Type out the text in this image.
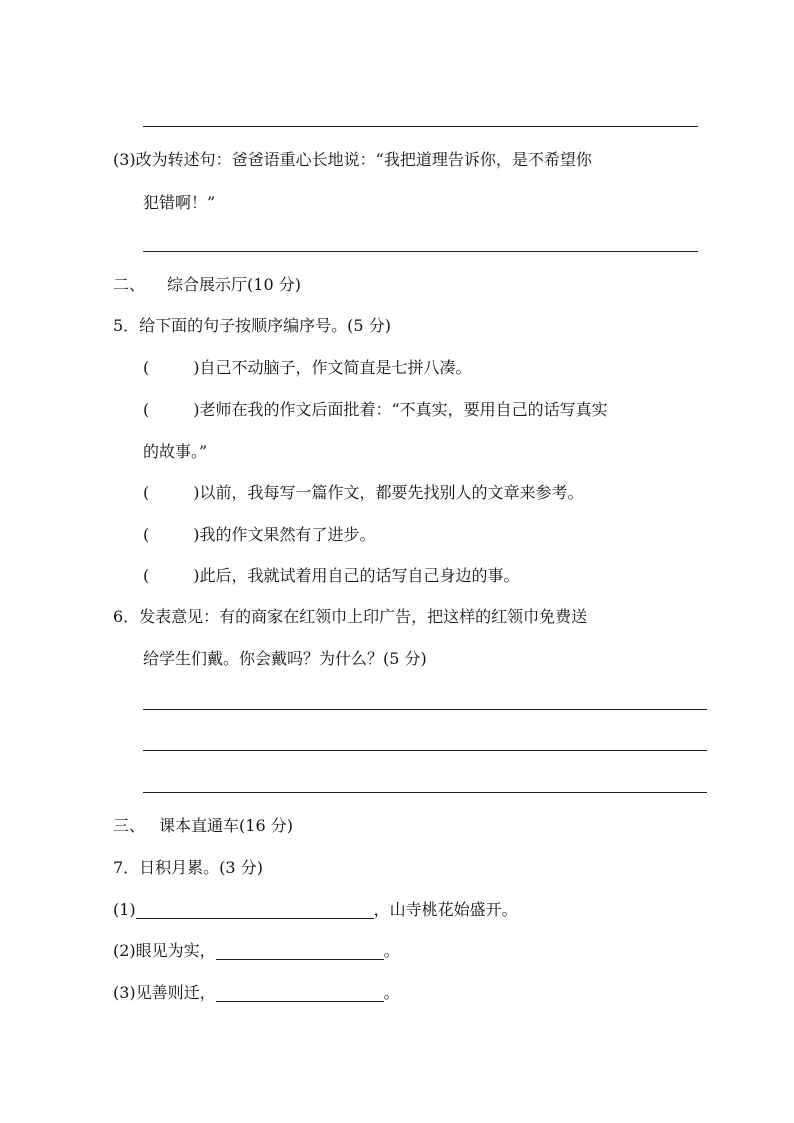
(3)改为转述句：爸爸语重心长地说：“我把道理告诉你，是不希望你
犯错啊！”
二、 综合展示厅(10 分)
5．给下面的句子按顺序编序号。(5 分)
(	)自己不动脑子，作文简直是七拼八凑。
(	)老师在我的作文后面批着：“不真实，要用自己的话写真实
的故事。”
(	)以前，我每写一篇作文，都要先找别人的文章来参考。
(	)我的作文果然有了进步。
(	)此后，我就试着用自己的话写自己身边的事。
6．发表意见：有的商家在红领巾上印广告，把这样的红领巾免费送
给学生们戴。你会戴吗？为什么？(5 分)
三、 课本直通车(16 分)
7．日积月累。(3 分)
(1)	，山寺桃花始盛开。
(2)眼见为实，	。
(3)见善则迁，	。
